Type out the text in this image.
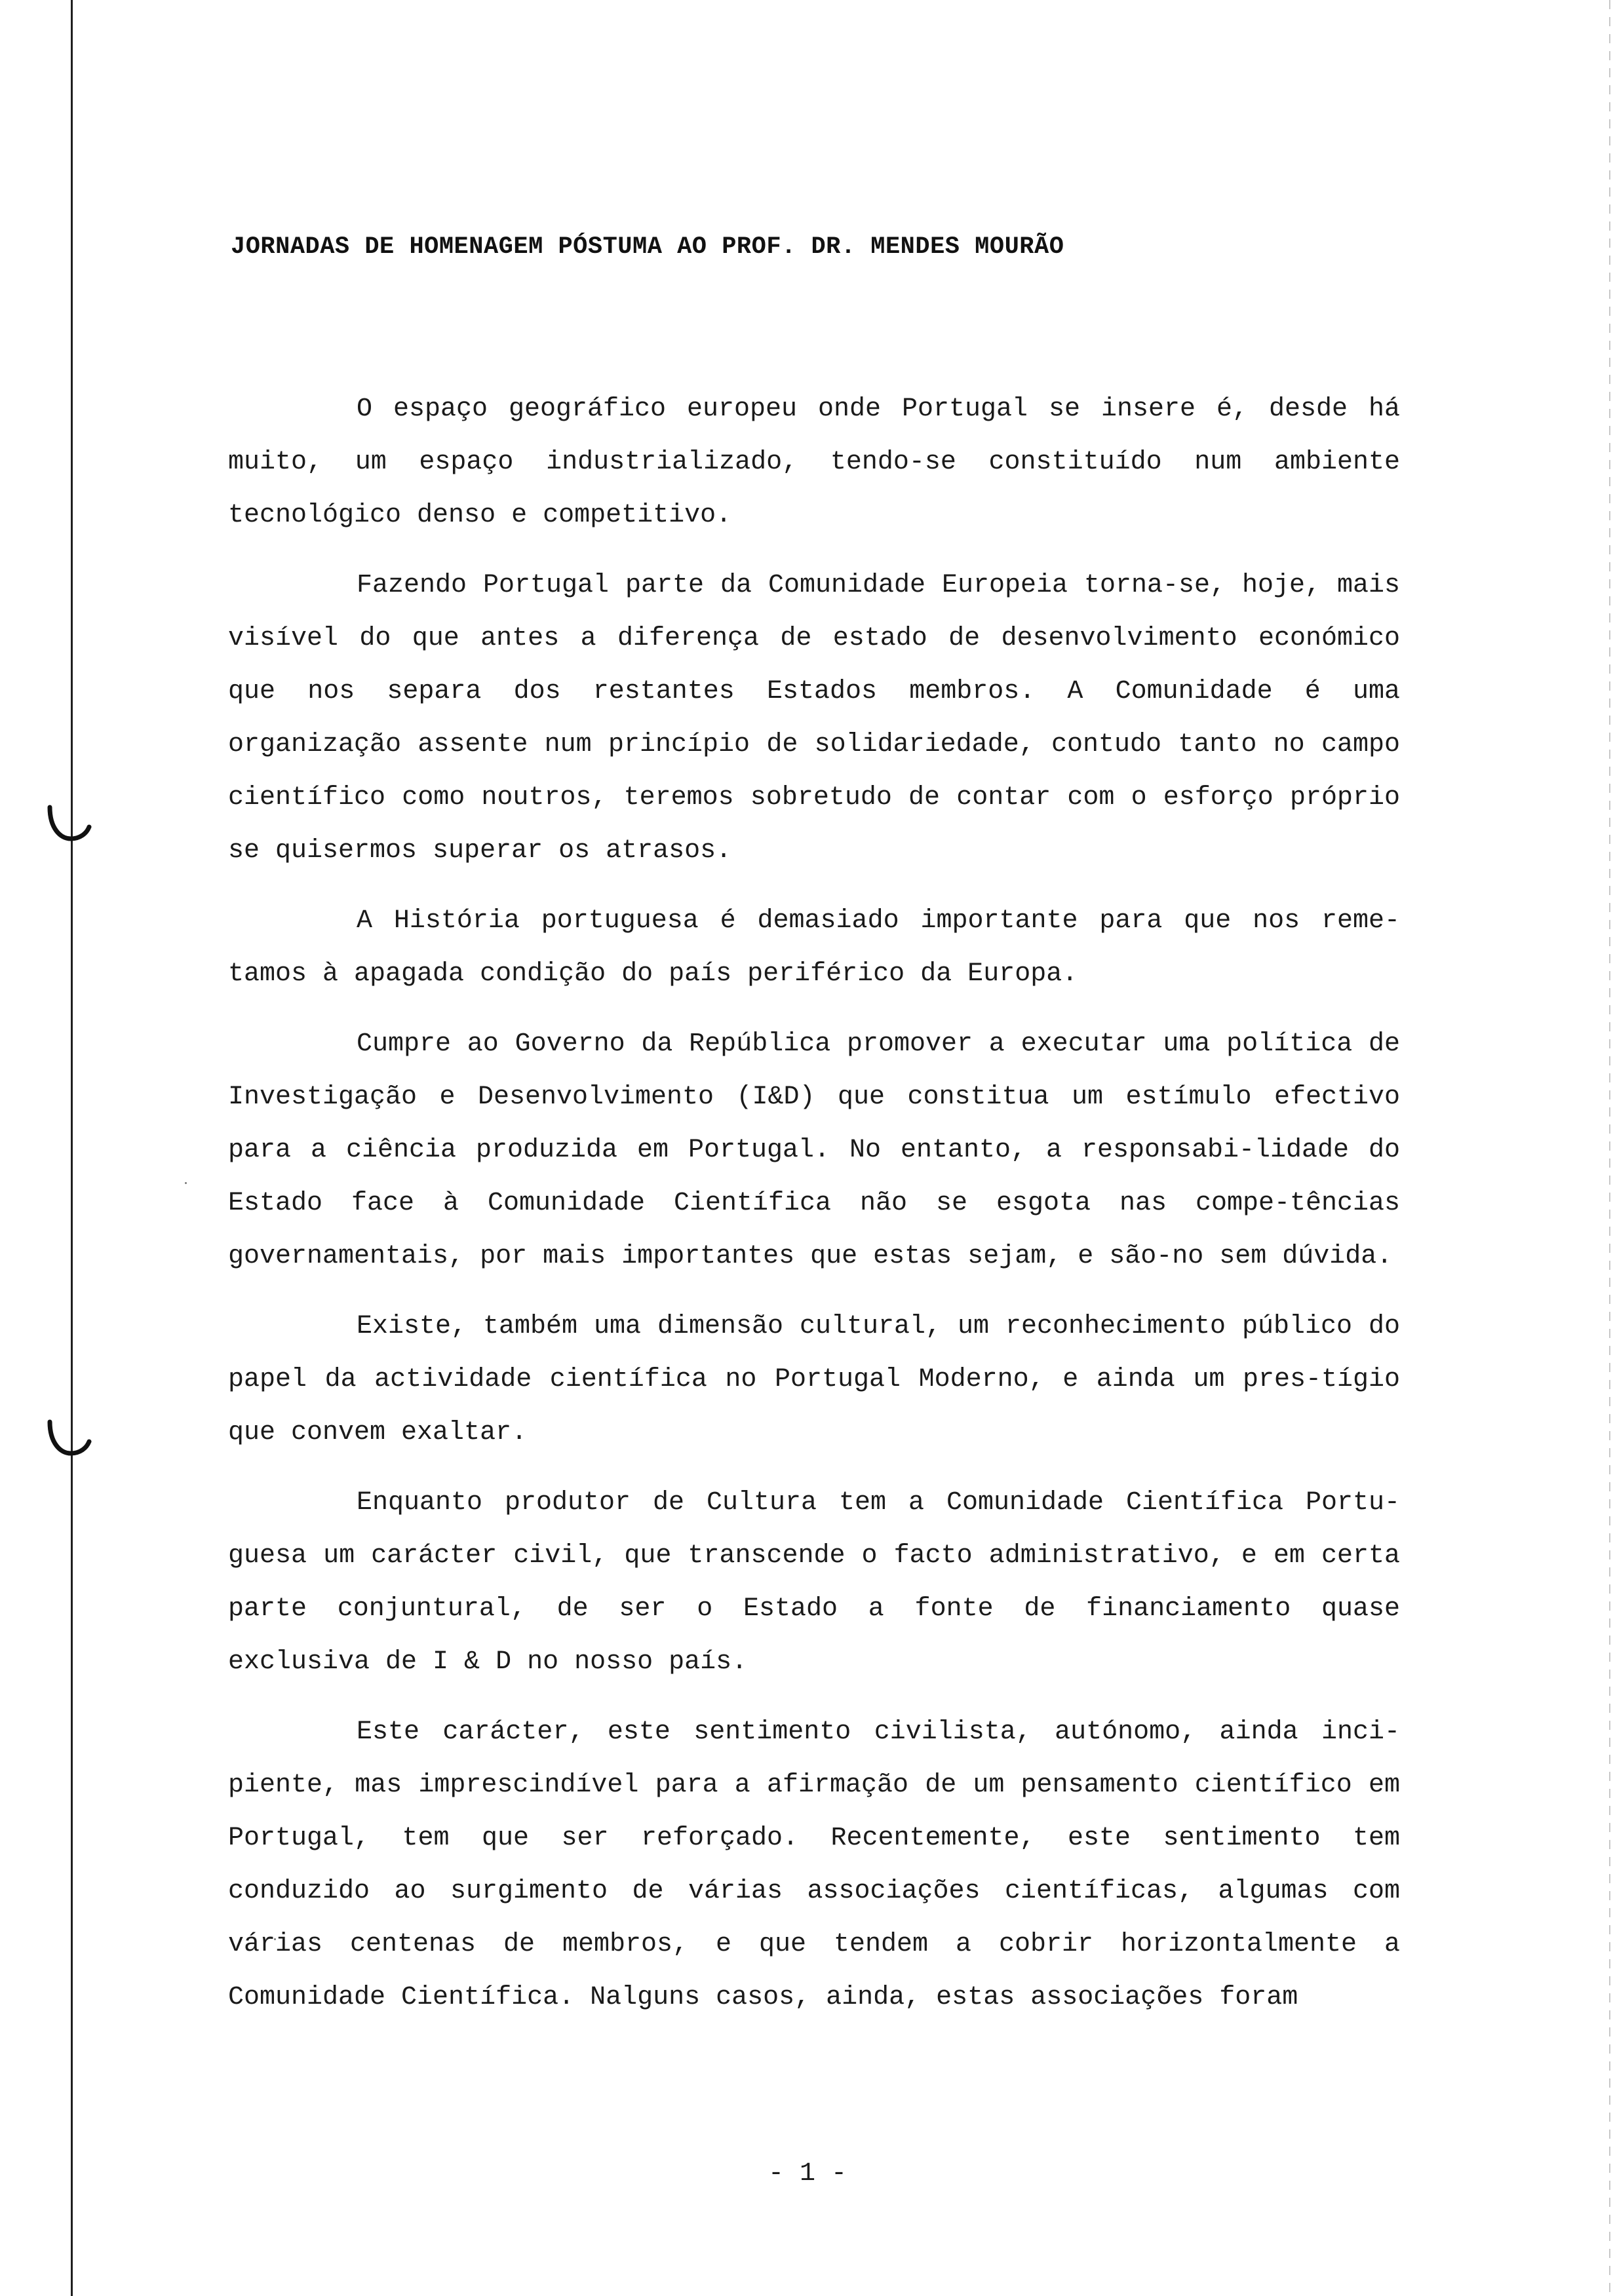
JORNADAS DE HOMENAGEM PÓSTUMA AO PROF. DR. MENDES MOURÃO

O espaço geográfico europeu onde Portugal se insere é, desde há muito, um espaço industrializado, tendo-se constituído num ambiente tecnológico denso e competitivo.

Fazendo Portugal parte da Comunidade Europeia torna-se, hoje, mais visível do que antes a diferença de estado de desenvolvimento económico que nos separa dos restantes Estados membros. A Comunidade é uma organização assente num princípio de solidariedade, contudo tanto no campo científico como noutros, teremos sobretudo de contar com o esforço próprio se quisermos superar os atrasos.

A História portuguesa é demasiado importante para que nos reme-tamos à apagada condição do país periférico da Europa.

Cumpre ao Governo da República promover a executar uma política de Investigação e Desenvolvimento (I&D) que constitua um estímulo efectivo para a ciência produzida em Portugal. No entanto, a responsabi-lidade do Estado face à Comunidade Científica não se esgota nas compe-tências governamentais, por mais importantes que estas sejam, e são-no sem dúvida.

Existe, também uma dimensão cultural, um reconhecimento público do papel da actividade científica no Portugal Moderno, e ainda um pres-tígio que convem exaltar.

Enquanto produtor de Cultura tem a Comunidade Científica Portu-guesa um carácter civil, que transcende o facto administrativo, e em certa parte conjuntural, de ser o Estado a fonte de financiamento quase exclusiva de I & D no nosso país.

Este carácter, este sentimento civilista, autónomo, ainda inci-piente, mas imprescindível para a afirmação de um pensamento científico em Portugal, tem que ser reforçado. Recentemente, este sentimento tem conduzido ao surgimento de várias associações científicas, algumas com várias centenas de membros, e que tendem a cobrir horizontalmente a Comunidade Científica. Nalguns casos, ainda, estas associações foram

- 1 -
